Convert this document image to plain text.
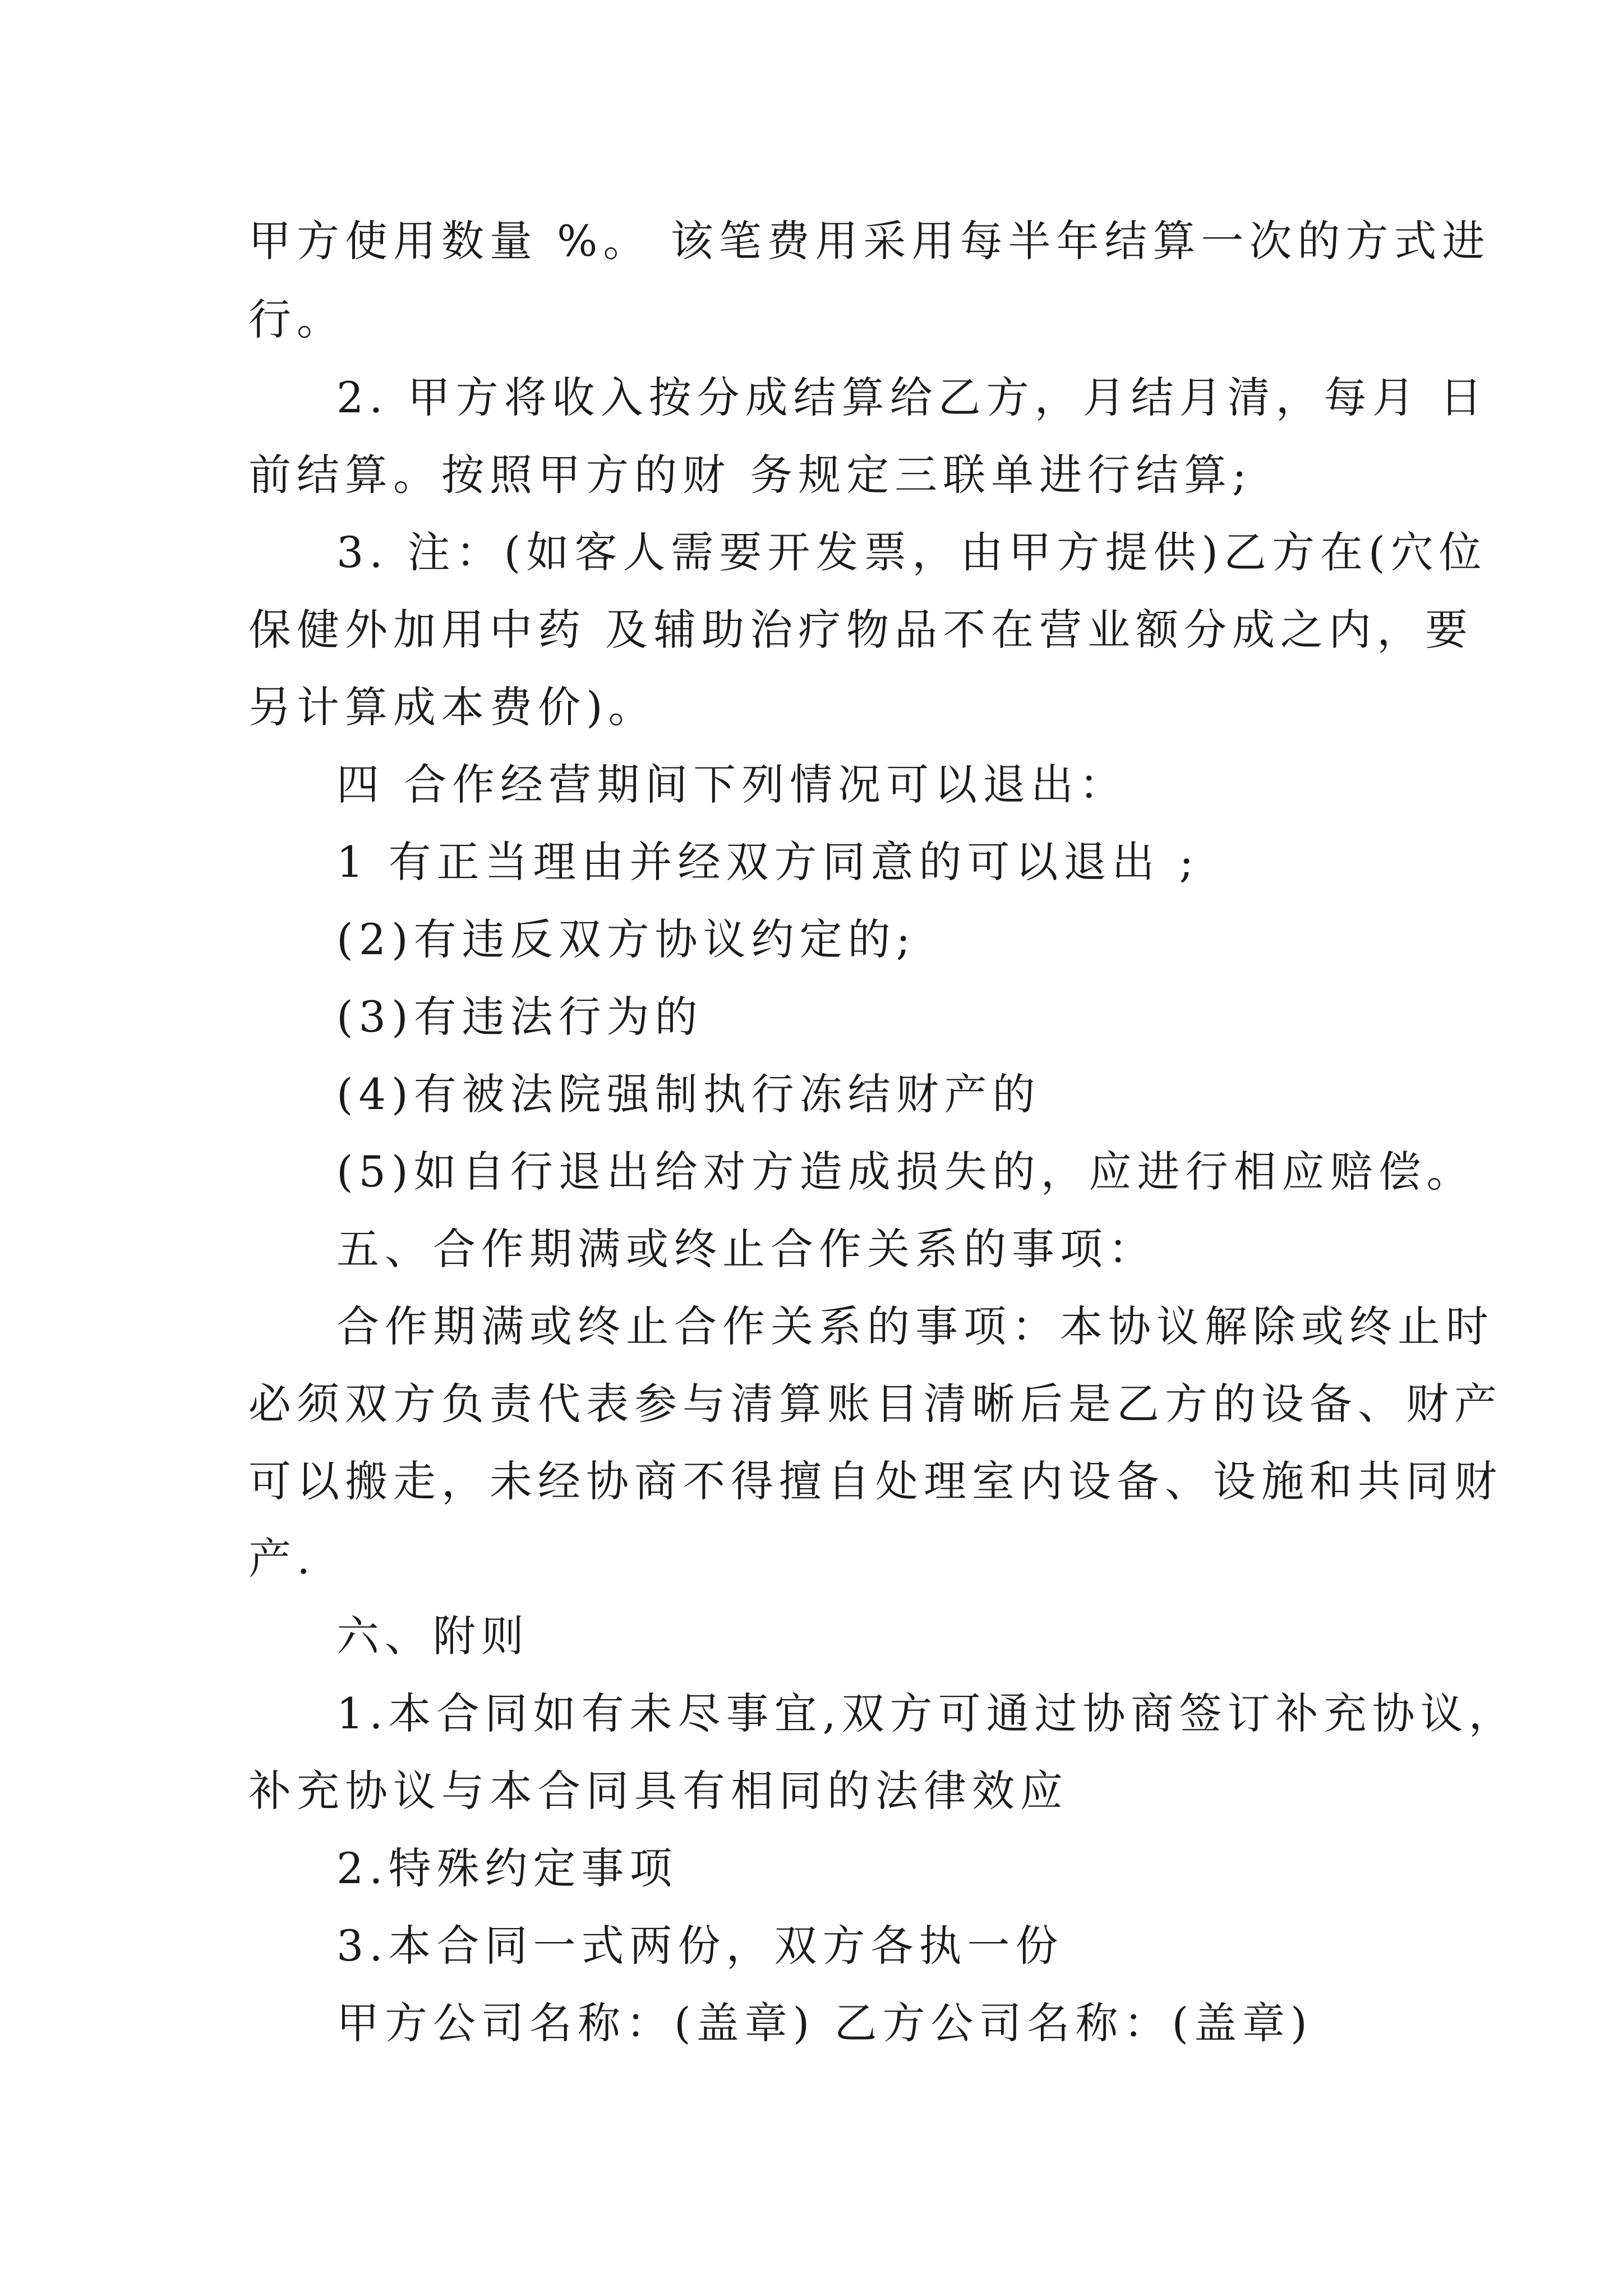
甲方使用数量 %。 该笔费用采用每半年结算一次的方式进
行。
2. 甲方将收入按分成结算给乙方，月结月清，每月 日
前结算。按照甲方的财 务规定三联单进行结算;
3. 注：(如客人需要开发票，由甲方提供)乙方在(穴位
保健外加用中药 及辅助治疗物品不在营业额分成之内，要
另计算成本费价)。
四 合作经营期间下列情况可以退出：
1 有正当理由并经双方同意的可以退出 ;
(2)有违反双方协议约定的;
(3)有违法行为的
(4)有被法院强制执行冻结财产的
(5)如自行退出给对方造成损失的，应进行相应赔偿。
五、合作期满或终止合作关系的事项：
合作期满或终止合作关系的事项：本协议解除或终止时
必须双方负责代表参与清算账目清晰后是乙方的设备、财产
可以搬走，未经协商不得擅自处理室内设备、设施和共同财
产.
六、附则
1.本合同如有未尽事宜,双方可通过协商签订补充协议，
补充协议与本合同具有相同的法律效应
2.特殊约定事项
3.本合同一式两份，双方各执一份
甲方公司名称：(盖章) 乙方公司名称：(盖章)
